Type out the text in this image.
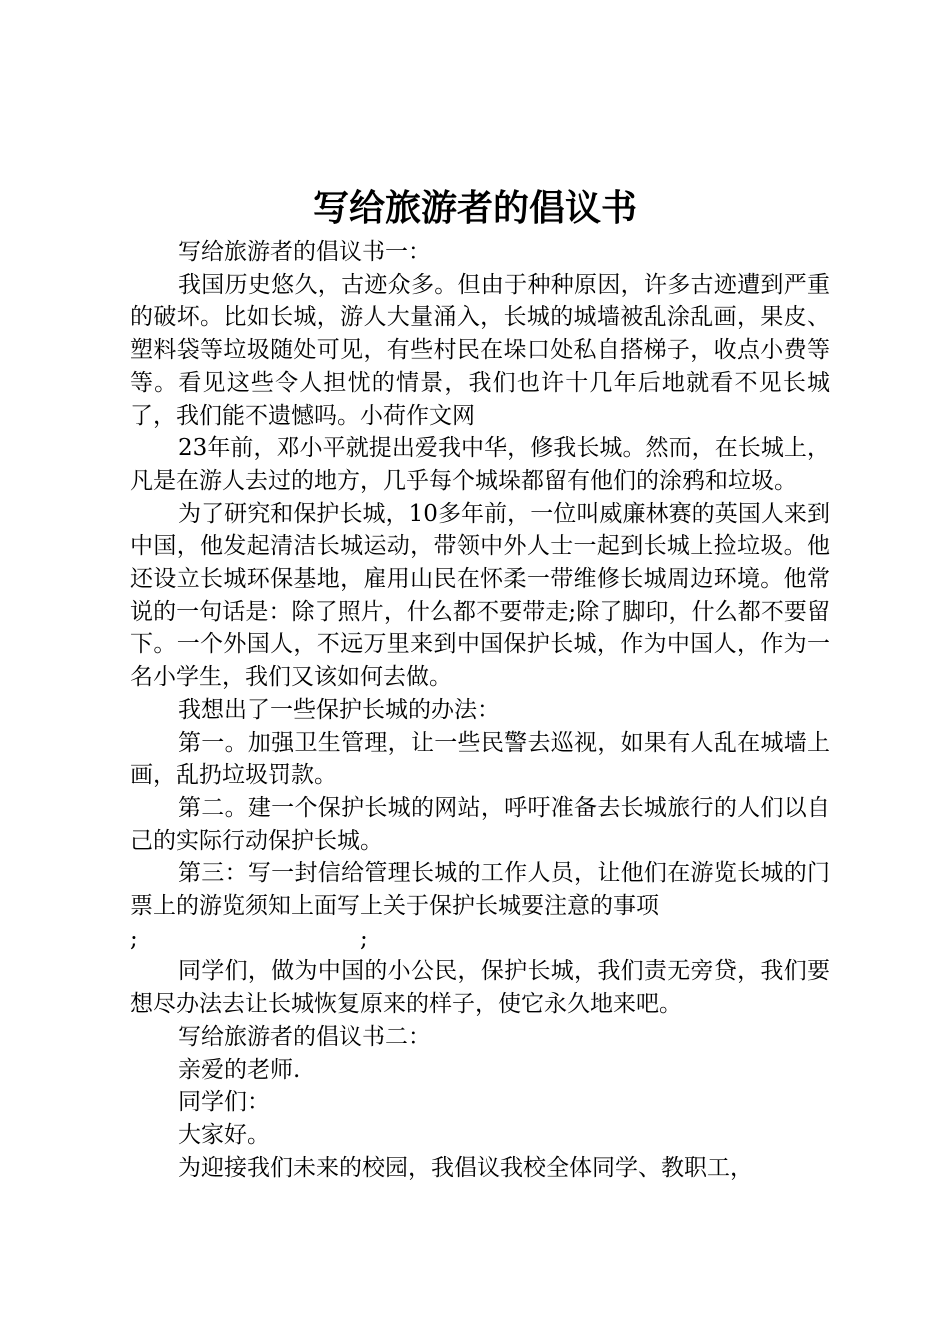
写给旅游者的倡议书

写给旅游者的倡议书一：

我国历史悠久，古迹众多。但由于种种原因，许多古迹遭到严重的破坏。比如长城，游人大量涌入，长城的城墙被乱涂乱画，果皮、塑料袋等垃圾随处可见，有些村民在垛口处私自搭梯子，收点小费等等。看见这些令人担忧的情景，我们也许十几年后地就看不见长城了，我们能不遗憾吗。小荷作文网

23年前，邓小平就提出爱我中华，修我长城。然而，在长城上，凡是在游人去过的地方，几乎每个城垛都留有他们的涂鸦和垃圾。

为了研究和保护长城，10多年前，一位叫威廉林赛的英国人来到中国，他发起清洁长城运动，带领中外人士一起到长城上捡垃圾。他还设立长城环保基地，雇用山民在怀柔一带维修长城周边环境。他常说的一句话是：除了照片，什么都不要带走;除了脚印，什么都不要留下。一个外国人，不远万里来到中国保护长城，作为中国人，作为一名小学生，我们又该如何去做。

我想出了一些保护长城的办法：

第一。加强卫生管理，让一些民警去巡视，如果有人乱在城墙上画，乱扔垃圾罚款。

第二。建一个保护长城的网站，呼吁准备去长城旅行的人们以自己的实际行动保护长城。

第三：写一封信给管理长城的工作人员，让他们在游览长城的门票上的游览须知上面写上关于保护长城要注意的事项

;	;

同学们，做为中国的小公民，保护长城，我们责无旁贷，我们要想尽办法去让长城恢复原来的样子，使它永久地来吧。

写给旅游者的倡议书二：

亲爱的老师.

同学们：

大家好。

为迎接我们未来的校园，我倡议我校全体同学、教职工，
